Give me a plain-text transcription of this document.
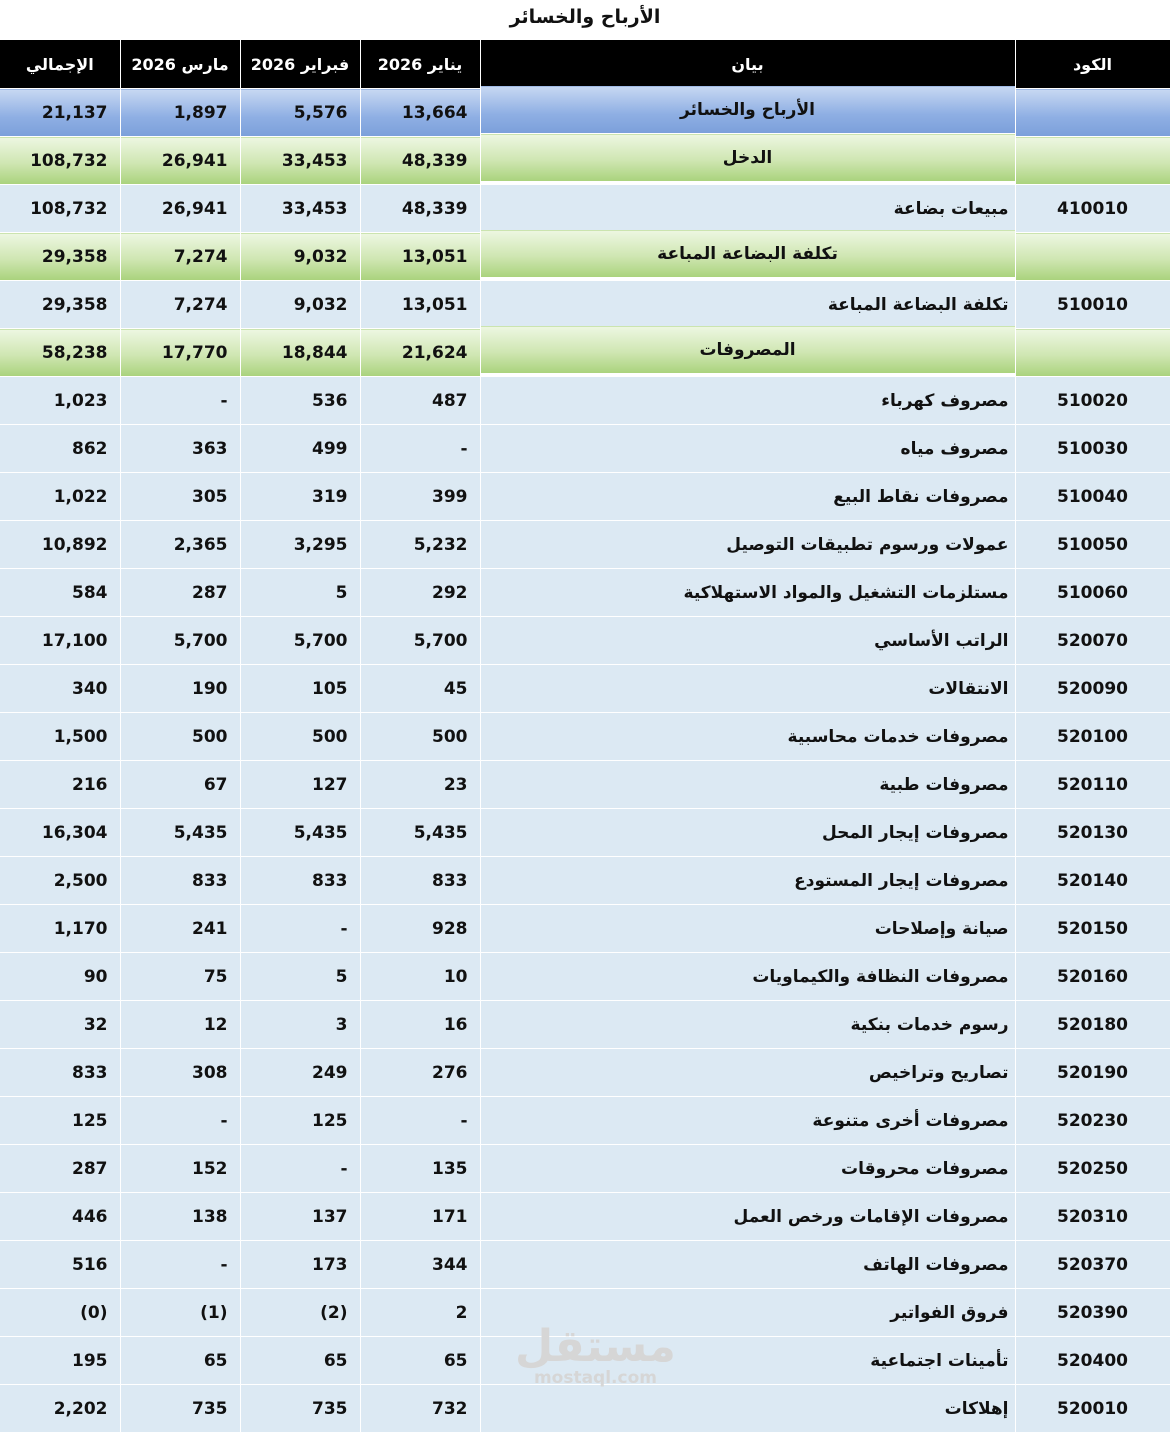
الأرباح والخسائر
الإجمالي	مارس 2026	فبراير 2026	يناير 2026	بيان	الكود
21,137	1,897	5,576	13,664	الأرباح والخسائر	
108,732	26,941	33,453	48,339	الدخل	
108,732	26,941	33,453	48,339	مبيعات بضاعة	410010
29,358	7,274	9,032	13,051	تكلفة البضاعة المباعة	
29,358	7,274	9,032	13,051	تكلفة البضاعة المباعة	510010
58,238	17,770	18,844	21,624	المصروفات	
1,023	-	536	487	مصروف كهرباء	510020
862	363	499	-	مصروف مياه	510030
1,022	305	319	399	مصروفات نقاط البيع	510040
10,892	2,365	3,295	5,232	عمولات ورسوم تطبيقات التوصيل	510050
584	287	5	292	مستلزمات التشغيل والمواد الاستهلاكية	510060
17,100	5,700	5,700	5,700	الراتب الأساسي	520070
340	190	105	45	الانتقالات	520090
1,500	500	500	500	مصروفات خدمات محاسبية	520100
216	67	127	23	مصروفات طبية	520110
16,304	5,435	5,435	5,435	مصروفات إيجار المحل	520130
2,500	833	833	833	مصروفات إيجار المستودع	520140
1,170	241	-	928	صيانة وإصلاحات	520150
90	75	5	10	مصروفات النظافة والكيماويات	520160
32	12	3	16	رسوم خدمات بنكية	520180
833	308	249	276	تصاريح وتراخيص	520190
125	-	125	-	مصروفات أخرى متنوعة	520230
287	152	-	135	مصروفات محروقات	520250
446	138	137	171	مصروفات الإقامات ورخص العمل	520310
516	-	173	344	مصروفات الهاتف	520370
(0)	(1)	(2)	2	فروق الفواتير	520390
195	65	65	65	تأمينات اجتماعية	520400
2,202	735	735	732	إهلاكات	520010
مستقل
mostaql.com
